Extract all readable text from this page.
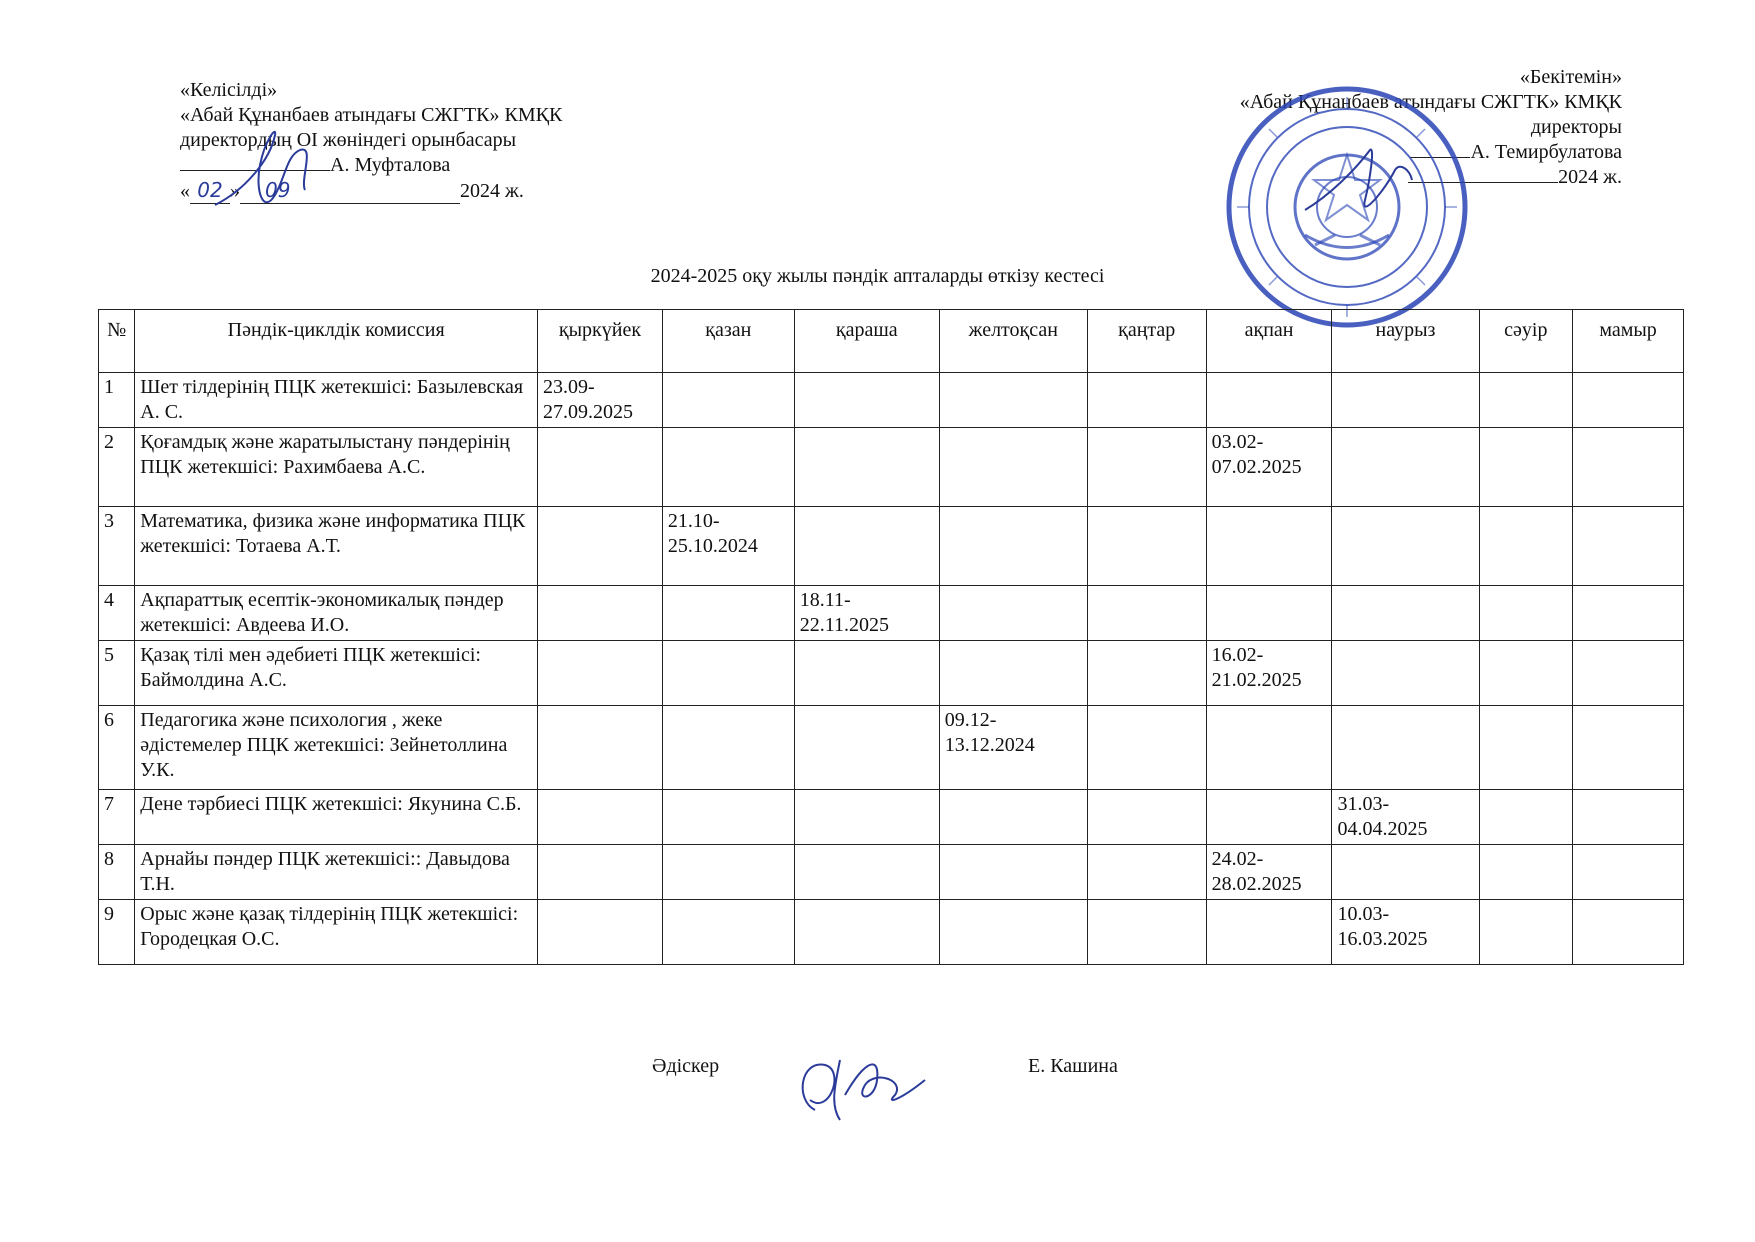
«Келісілді»
«Абай Құнанбаев атындағы СЖГТК» КМҚК
директордың ОІ жөніндегі орынбасары
А. Муфталова
« 02 » 09	2024 ж.
«Бекітемін»
«Абай Құнанбаев атындағы СЖГТК» КМҚК
директоры
А. Темирбулатова
2024 ж.
2024-2025 оқу жылы пәндік апталарды өткізу кестесі
№	Пәндік-циклдік комиссия	қыркүйек	қазан	қараша	желтоқсан	қаңтар	ақпан	наурыз	сәуір	мамыр
1	Шет тілдерінің ПЦК жетекшісі: Базылевская А. С.	23.09-27.09.2025								
2	Қоғамдық және жаратылыстану пәндерінің ПЦК жетекшісі: Рахимбаева А.С.						03.02-07.02.2025			
3	Математика, физика және информатика ПЦК жетекшісі: Тотаева А.Т.		21.10-25.10.2024							
4	Ақпараттық есептік-экономикалық пәндер жетекшісі: Авдеева И.О.			18.11-22.11.2025						
5	Қазақ тілі мен әдебиеті ПЦК жетекшісі: Баймолдина А.С.						16.02-21.02.2025			
6	Педагогика және психология , жеке әдістемелер ПЦК жетекшісі: Зейнетоллина У.К.				09.12-13.12.2024					
7	Дене тәрбиесі ПЦК жетекшісі: Якунина С.Б.							31.03-04.04.2025		
8	Арнайы пәндер ПЦК жетекшісі:: Давыдова Т.Н.						24.02-28.02.2025			
9	Орыс және қазақ тілдерінің ПЦК жетекшісі: Городецкая О.С.							10.03-16.03.2025		
Әдіскер	Е. Кашина
